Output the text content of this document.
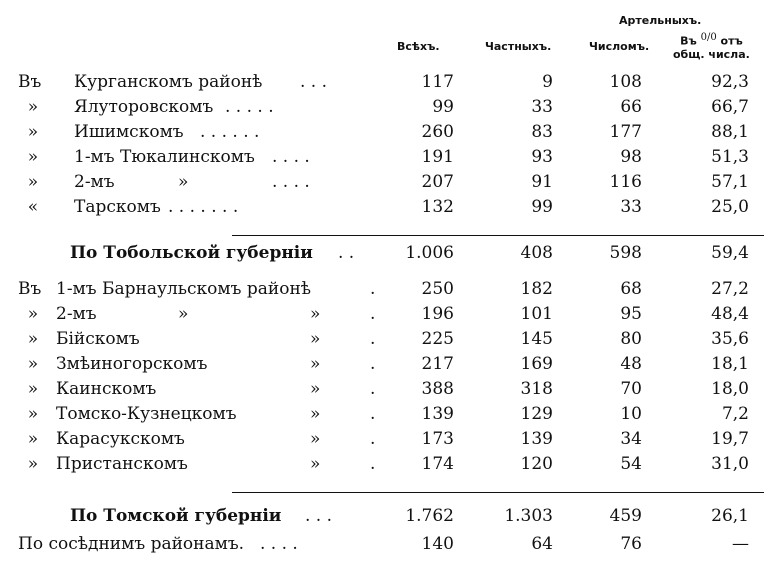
Артельныхъ.
Всѣхъ.	Частныхъ.	Числомъ.	Въ $^{0/0}$ отъ
общ. числа.
Въ Курганскомъ районѣ . . .	117	9	108	92,3
» Ялуторовскомъ . . . . .	99	33	66	66,7
» Ишимскомъ . . . . . .	260	83	177	88,1
» 1-мъ Тюкалинскомъ . . . .	191	93	98	51,3
» 2-мъ	»	. . . .	207	91	116	57,1
« Тарскомъ . . . . . . .	132	99	33	25,0
По Тобольской губерніи . .	1.006	408	598	59,4
Въ 1-мъ Барнаульскомъ районѣ	.	250	182	68	27,2
» 2-мъ	»	»	.	196	101	95	48,4
» Бійскомъ	»	.	225	145	80	35,6
» Змѣиногорскомъ	»	.	217	169	48	18,1
» Каинскомъ	»	.	388	318	70	18,0
» Томско-Кузнецкомъ	»	.	139	129	10	7,2
» Карасукскомъ	»	.	173	139	34	19,7
» Пристанскомъ	»	.	174	120	54	31,0
По Томской губерніи . . .	1.762	1.303	459	26,1
По сосѣднимъ районамъ. . . . .	140	64	76	—
